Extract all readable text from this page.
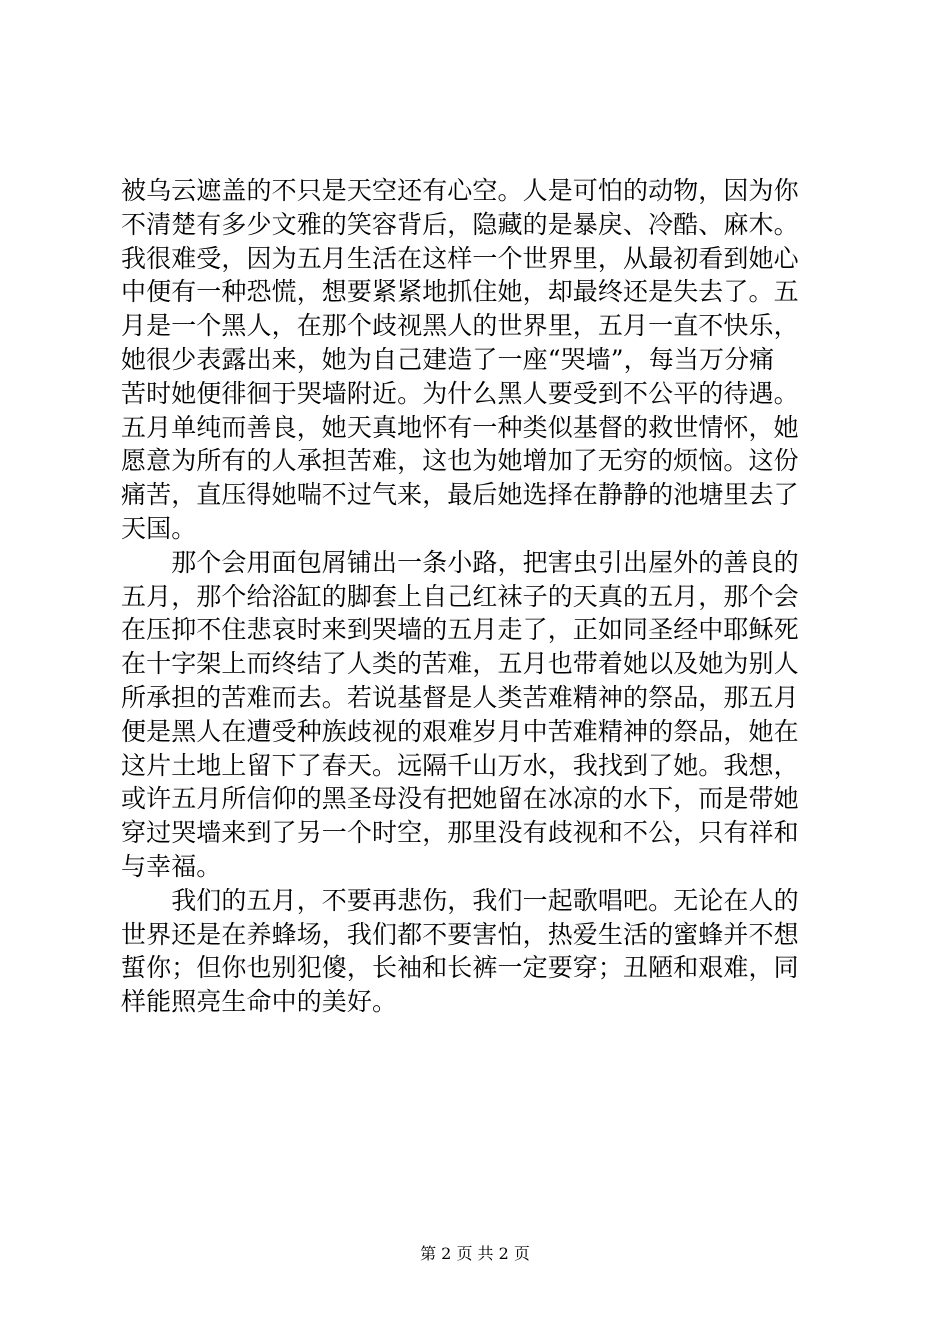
被乌云遮盖的不只是天空还有心空。人是可怕的动物，因为你
不清楚有多少文雅的笑容背后，隐藏的是暴戾、冷酷、麻木。
我很难受，因为五月生活在这样一个世界里，从最初看到她心
中便有一种恐慌，想要紧紧地抓住她，却最终还是失去了。五
月是一个黑人，在那个歧视黑人的世界里，五月一直不快乐，
她很少表露出来，她为自己建造了一座“哭墙”，每当万分痛
苦时她便徘徊于哭墙附近。为什么黑人要受到不公平的待遇。
五月单纯而善良，她天真地怀有一种类似基督的救世情怀，她
愿意为所有的人承担苦难，这也为她增加了无穷的烦恼。这份
痛苦，直压得她喘不过气来，最后她选择在静静的池塘里去了
天国。
　　那个会用面包屑铺出一条小路，把害虫引出屋外的善良的
五月，那个给浴缸的脚套上自己红袜子的天真的五月，那个会
在压抑不住悲哀时来到哭墙的五月走了，正如同圣经中耶稣死
在十字架上而终结了人类的苦难，五月也带着她以及她为别人
所承担的苦难而去。若说基督是人类苦难精神的祭品，那五月
便是黑人在遭受种族歧视的艰难岁月中苦难精神的祭品，她在
这片土地上留下了春天。远隔千山万水，我找到了她。我想，
或许五月所信仰的黑圣母没有把她留在冰凉的水下，而是带她
穿过哭墙来到了另一个时空，那里没有歧视和不公，只有祥和
与幸福。
　　我们的五月，不要再悲伤，我们一起歌唱吧。无论在人的
世界还是在养蜂场，我们都不要害怕，热爱生活的蜜蜂并不想
蜇你；但你也别犯傻，长袖和长裤一定要穿；丑陋和艰难，同
样能照亮生命中的美好。
第 2 页 共 2 页
